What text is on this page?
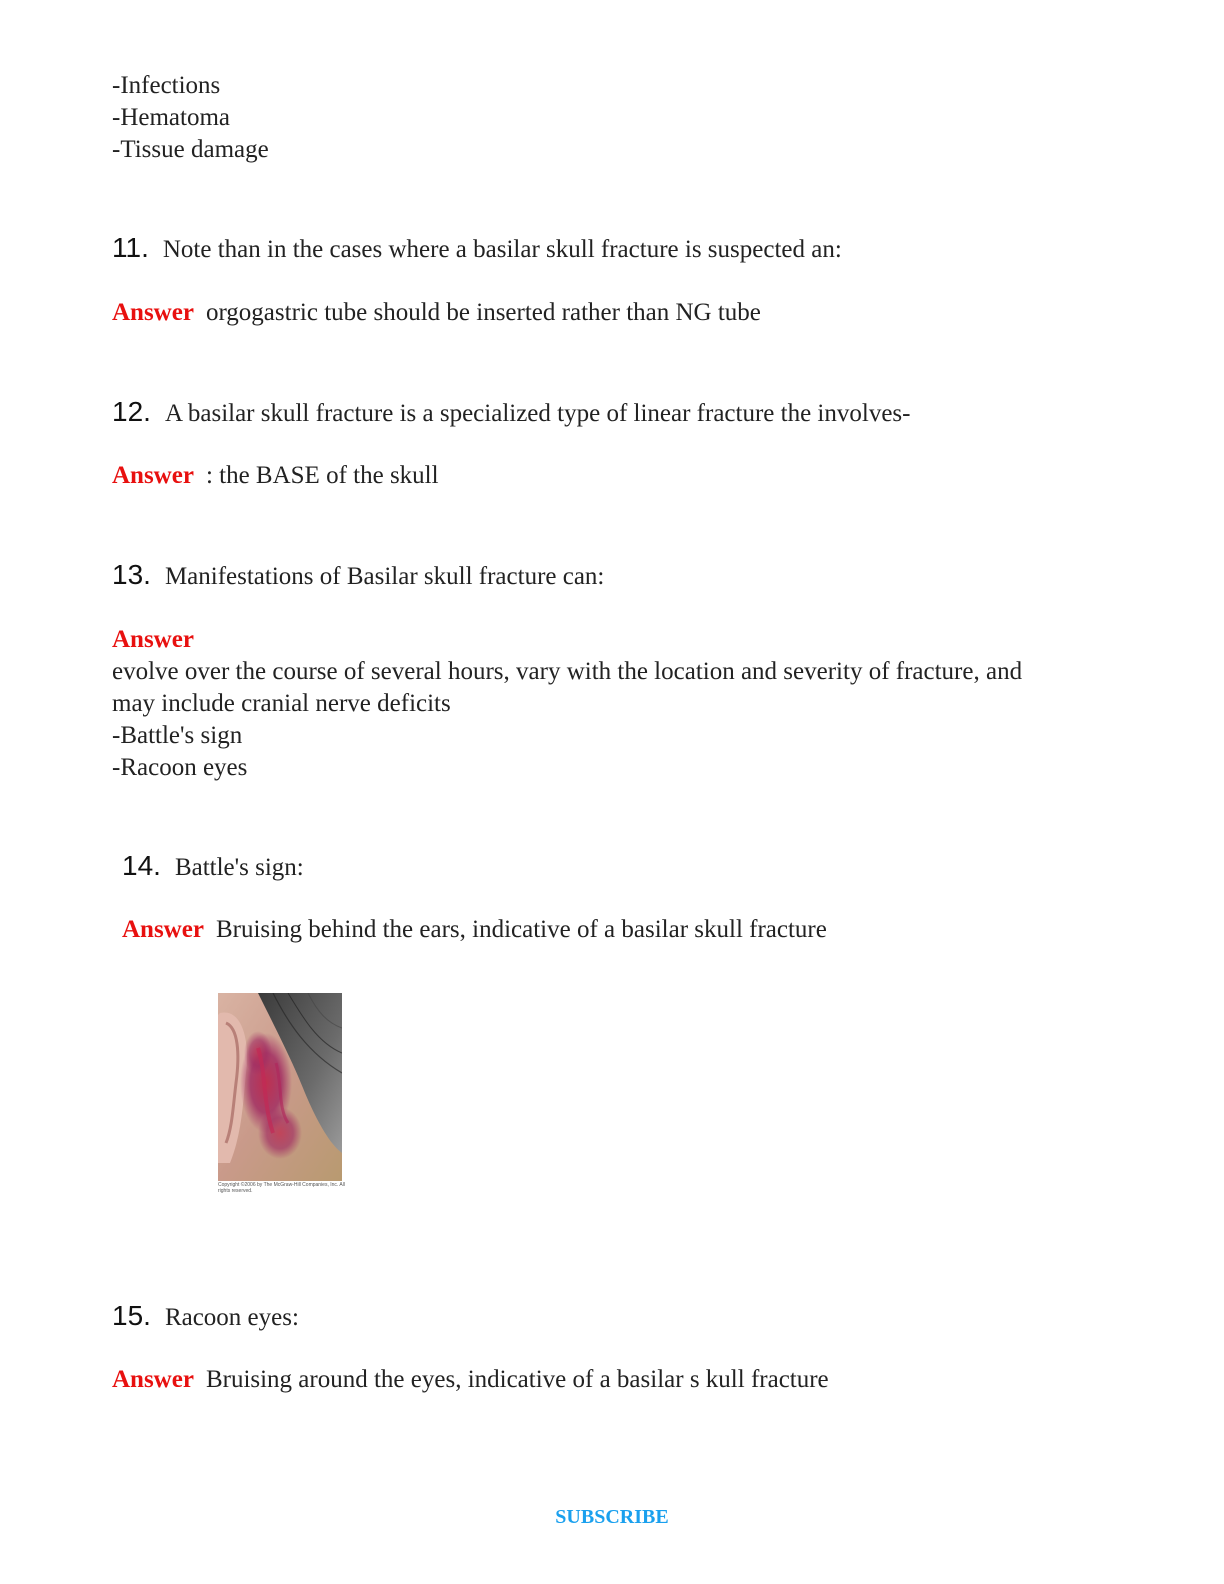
-Infections
-Hematoma
-Tissue damage
11. Note than in the cases where a basilar skull fracture is suspected an:
Answer orgogastric tube should be inserted rather than NG tube
12. A basilar skull fracture is a specialized type of linear fracture the involves-
Answer : the BASE of the skull
13. Manifestations of Basilar skull fracture can:
Answer
evolve over the course of several hours, vary with the location and severity of fracture, and
may include cranial nerve deficits
-Battle's sign
-Racoon eyes
14. Battle's sign:
Answer Bruising behind the ears, indicative of a basilar skull fracture
Copyright ©2006 by The McGraw-Hill Companies, Inc. All rights reserved.
15. Racoon eyes:
Answer Bruising around the eyes, indicative of a basilar s kull fracture
SUBSCRIBE
